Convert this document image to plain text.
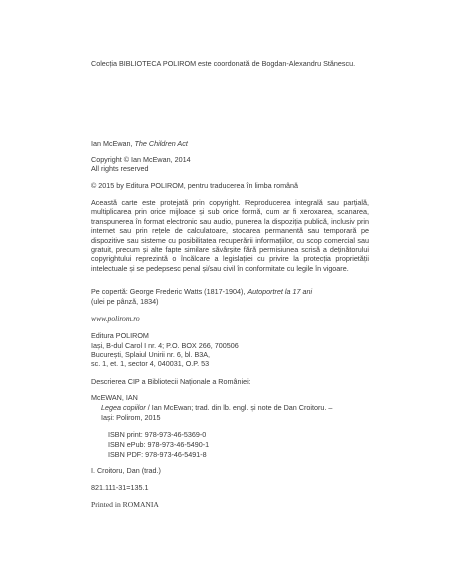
Colecția BIBLIOTECA POLIROM este coordonată de Bogdan-Alexandru Stănescu.
Ian McEwan, The Children Act
Copyright © Ian McEwan, 2014
All rights reserved
© 2015 by Editura POLIROM, pentru traducerea în limba română
Această carte este protejată prin copyright. Reproducerea integrală sau parțială, multiplicarea prin orice mijloace și sub orice formă, cum ar fi xeroxarea, scanarea, transpunerea în format electronic sau audio, punerea la dispoziția publică, inclusiv prin internet sau prin rețele de calculatoare, stocarea permanentă sau temporară pe dispozitive sau sisteme cu posibilitatea recuperării informațiilor, cu scop comercial sau gratuit, precum și alte fapte similare săvârșite fără permisiunea scrisă a deținătorului copyrightului reprezintă o încălcare a legislației cu privire la protecția proprietății intelectuale și se pedepsesc penal și/sau civil în conformitate cu legile în vigoare.
Pe copertă: George Frederic Watts (1817-1904), Autoportret la 17 ani
(ulei pe pânză, 1834)
www.polirom.ro
Editura POLIROM
Iași, B-dul Carol I nr. 4; P.O. BOX 266, 700506
București, Splaiul Unirii nr. 6, bl. B3A,
sc. 1, et. 1, sector 4, 040031, O.P. 53
Descrierea CIP a Bibliotecii Naționale a României:
McEWAN, IAN
Legea copiilor / Ian McEwan; trad. din lb. engl. și note de Dan Croitoru. –
Iași: Polirom, 2015
ISBN print: 978-973-46-5369-0
ISBN ePub: 978-973-46-5490-1
ISBN PDF: 978-973-46-5491-8
I. Croitoru, Dan (trad.)
821.111-31=135.1
Printed in ROMANIA
